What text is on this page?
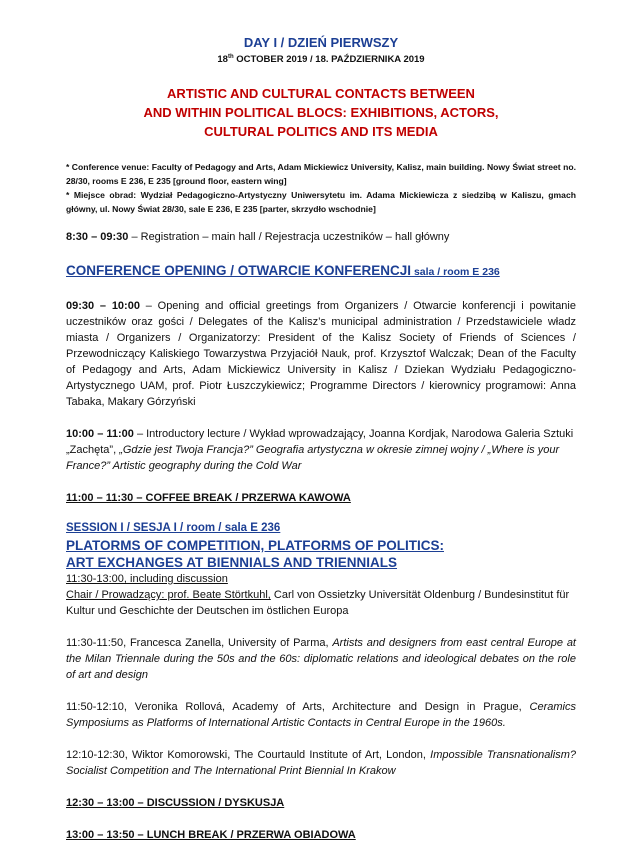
DAY I / DZIEŃ PIERWSZY
18th OCTOBER 2019 / 18. PAŹDZIERNIKA 2019
ARTISTIC AND CULTURAL CONTACTS BETWEEN
AND WITHIN POLITICAL BLOCS: EXHIBITIONS, ACTORS,
CULTURAL POLITICS AND ITS MEDIA
* Conference venue: Faculty of Pedagogy and Arts, Adam Mickiewicz University, Kalisz, main building. Nowy Świat street no. 28/30, rooms E 236, E 235 [ground floor, eastern wing]
* Miejsce obrad: Wydział Pedagogiczno-Artystyczny Uniwersytetu im. Adama Mickiewicza z siedzibą w Kaliszu, gmach główny, ul. Nowy Świat 28/30, sale E 236, E 235 [parter, skrzydło wschodnie]
8:30 – 09:30 – Registration – main hall / Rejestracja uczestników – hall główny
CONFERENCE OPENING / OTWARCIE KONFERENCJI sala / room E 236
09:30 – 10:00 – Opening and official greetings from Organizers / Otwarcie konferencji i powitanie uczestników oraz gości / Delegates of the Kalisz’s municipal administration / Przedstawiciele władz miasta / Organizers / Organizatorzy: President of the Kalisz Society of Friends of Sciences / Przewodniczący Kaliskiego Towarzystwa Przyjaciół Nauk, prof. Krzysztof Walczak; Dean of the Faculty of Pedagogy and Arts, Adam Mickiewicz University in Kalisz / Dziekan Wydziału Pedagogiczno-Artystycznego UAM, prof. Piotr Łuszczykiewicz; Programme Directors / kierownicy programowi: Anna Tabaka, Makary Górzyński
10:00 – 11:00 – Introductory lecture / Wykład wprowadzający, Joanna Kordjak, Narodowa Galeria Sztuki „Zachęta”, „Gdzie jest Twoja Francja?” Geografia artystyczna w okresie zimnej wojny / „Where is your France?” Artistic geography during the Cold War
11:00 – 11:30 – COFFEE BREAK / PRZERWA KAWOWA
SESSION I / SESJA I / room / sala E 236
PLATORMS OF COMPETITION, PLATFORMS OF POLITICS:
ART EXCHANGES AT BIENNIALS AND TRIENNIALS
11:30-13:00, including discussion
Chair / Prowadzący: prof. Beate Störtkuhl, Carl von Ossietzky Universität Oldenburg / Bundesinstitut für Kultur und Geschichte der Deutschen im östlichen Europa
11:30-11:50, Francesca Zanella, University of Parma, Artists and designers from east central Europe at the Milan Triennale during the 50s and the 60s: diplomatic relations and ideological debates on the role of art and design
11:50-12:10, Veronika Rollová, Academy of Arts, Architecture and Design in Prague, Ceramics Symposiums as Platforms of International Artistic Contacts in Central Europe in the 1960s.
12:10-12:30, Wiktor Komorowski, The Courtauld Institute of Art, London, Impossible Transnationalism? Socialist Competition and The International Print Biennial In Krakow
12:30 – 13:00 – DISCUSSION / DYSKUSJA
13:00 – 13:50 – LUNCH BREAK / PRZERWA OBIADOWA
